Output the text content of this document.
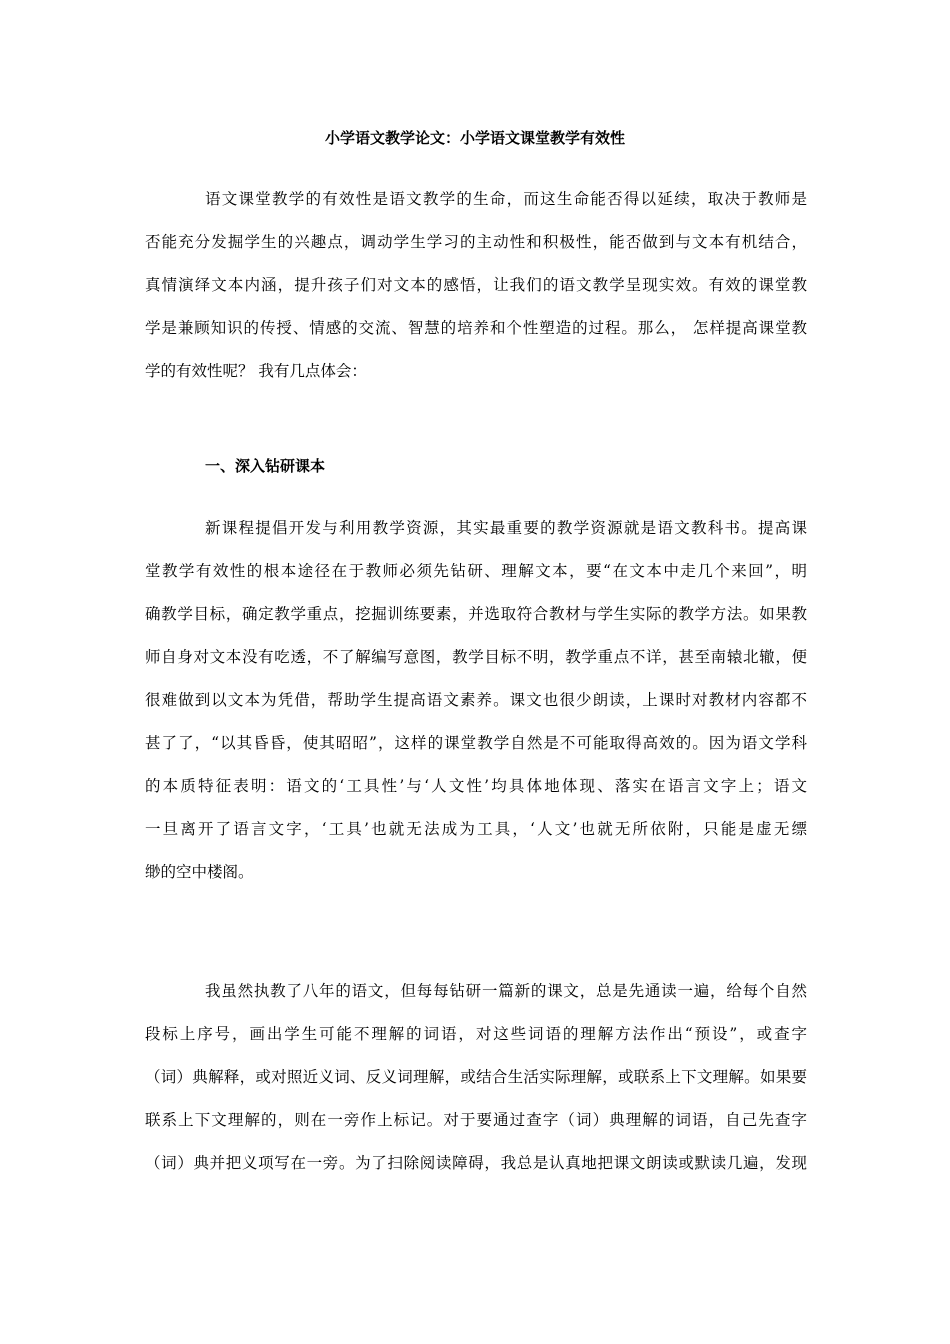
小学语文教学论文：小学语文课堂教学有效性
语文课堂教学的有效性是语文教学的生命，而这生命能否得以延续，取决于教师是
否能充分发掘学生的兴趣点，调动学生学习的主动性和积极性，能否做到与文本有机结合，
真情演绎文本内涵，提升孩子们对文本的感悟，让我们的语文教学呈现实效。有效的课堂教
学是兼顾知识的传授、情感的交流、智慧的培养和个性塑造的过程。那么， 怎样提高课堂教
学的有效性呢？ 我有几点体会：
一、深入钻研课本
新课程提倡开发与利用教学资源，其实最重要的教学资源就是语文教科书。提高课
堂教学有效性的根本途径在于教师必须先钻研、理解文本，要“在文本中走几个来回”，明
确教学目标，确定教学重点，挖掘训练要素，并选取符合教材与学生实际的教学方法。如果教
师自身对文本没有吃透，不了解编写意图，教学目标不明，教学重点不详，甚至南辕北辙，便
很难做到以文本为凭借，帮助学生提高语文素养。课文也很少朗读，上课时对教材内容都不
甚了了，“以其昏昏，使其昭昭”，这样的课堂教学自然是不可能取得高效的。因为语文学科
的本质特征表明：语文的‘工具性’与‘人文性’均具体地体现、落实在语言文字上；语文
一旦离开了语言文字，‘工具’也就无法成为工具，‘人文’也就无所依附，只能是虚无缥
缈的空中楼阁。
我虽然执教了八年的语文，但每每钻研一篇新的课文，总是先通读一遍，给每个自然
段标上序号，画出学生可能不理解的词语，对这些词语的理解方法作出“预设”，或查字
（词）典解释，或对照近义词、反义词理解，或结合生活实际理解，或联系上下文理解。如果要
联系上下文理解的，则在一旁作上标记。对于要通过查字（词）典理解的词语，自己先查字
（词）典并把义项写在一旁。为了扫除阅读障碍，我总是认真地把课文朗读或默读几遍，发现
